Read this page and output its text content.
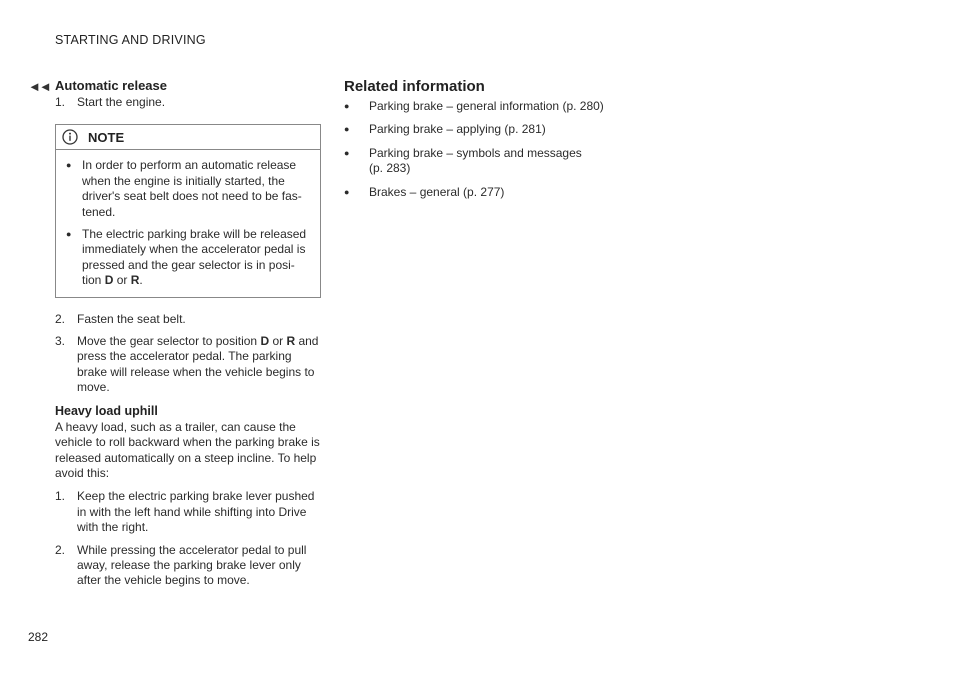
STARTING AND DRIVING
◄◄ Automatic release
1. Start the engine.
NOTE
● In order to perform an automatic release when the engine is initially started, the driver's seat belt does not need to be fas-tened.
● The electric parking brake will be released immediately when the accelerator pedal is pressed and the gear selector is in posi-tion D or R.
2. Fasten the seat belt.
3. Move the gear selector to position D or R and press the accelerator pedal. The parking brake will release when the vehicle begins to move.
Heavy load uphill

A heavy load, such as a trailer, can cause the vehicle to roll backward when the parking brake is released automatically on a steep incline. To help avoid this:

1. Keep the electric parking brake lever pushed in with the left hand while shifting into Drive with the right.
2. While pressing the accelerator pedal to pull away, release the parking brake lever only after the vehicle begins to move.
Related information
●	Parking brake – general information (p. 280)
●	Parking brake – applying (p. 281)
●	Parking brake – symbols and messages (p. 283)
●	Brakes – general (p. 277)
282
